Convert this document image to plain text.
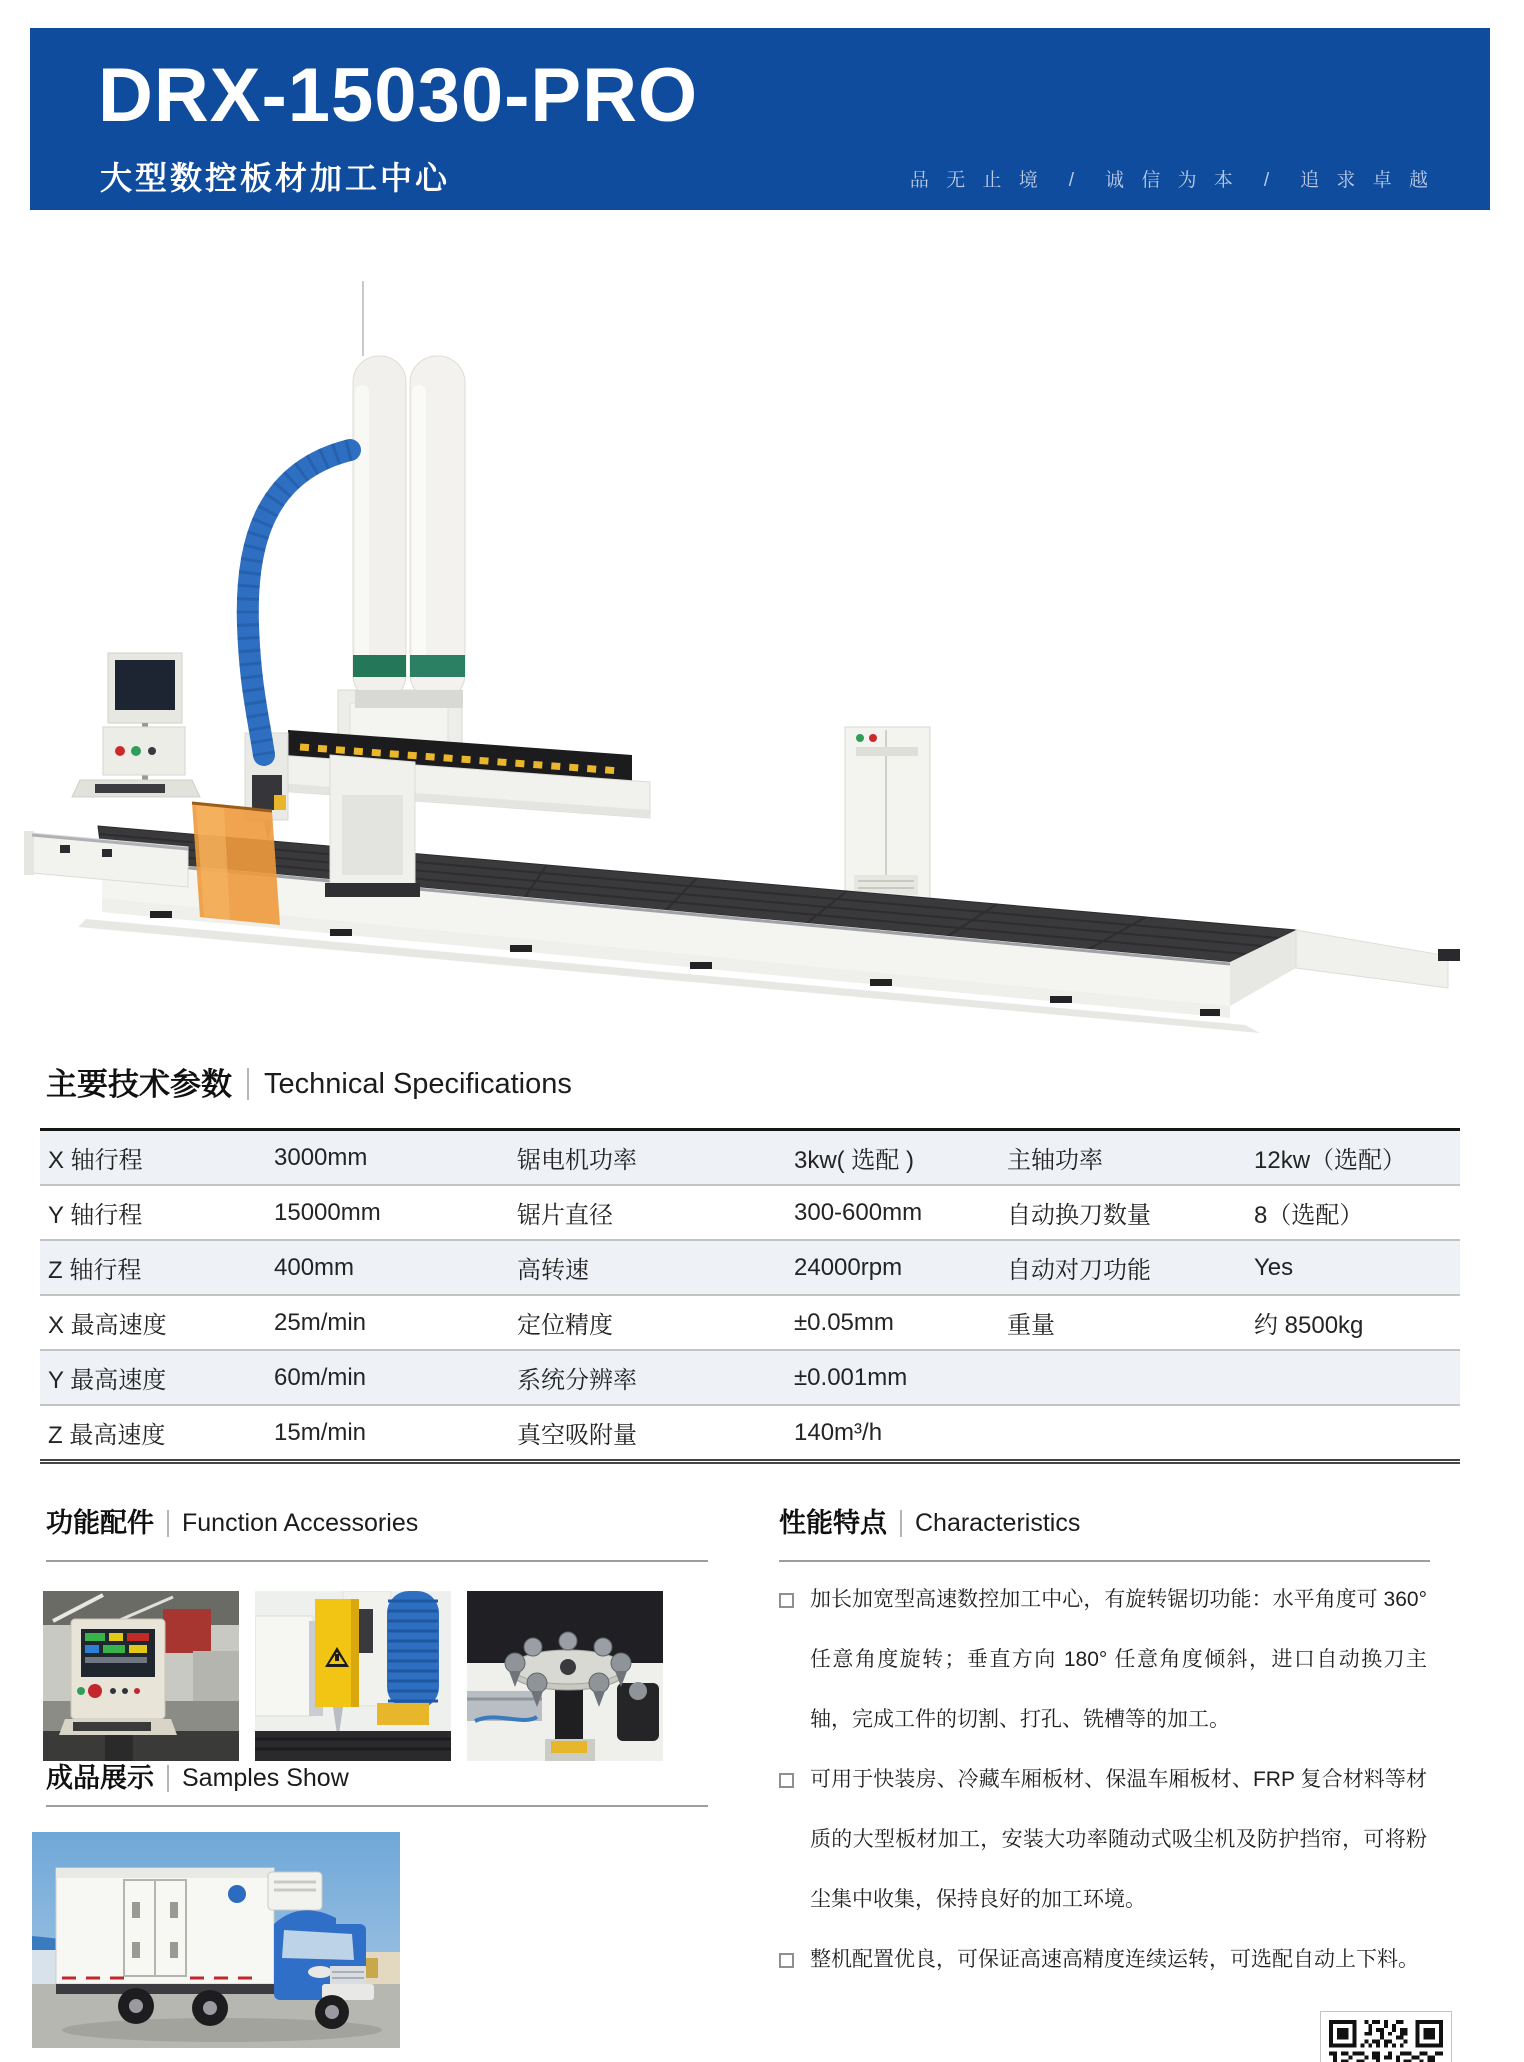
DRX-15030-PRO
大型数控板材加工中心	品 无 止 境　/　诚 信 为 本　/　追 求 卓 越
主要技术参数 Technical Specifications
X 轴行程	3000mm	锯电机功率	3kw( 选配 )	主轴功率	12kw（选配）
Y 轴行程	15000mm	锯片直径	300-600mm	自动换刀数量	8（选配）
Z 轴行程	400mm	高转速	24000rpm	自动对刀功能	Yes
X 最高速度	25m/min	定位精度	±0.05mm	重量	约 8500kg
Y 最高速度	60m/min	系统分辨率	±0.001mm
Z 最高速度	15m/min	真空吸附量	140m³/h
功能配件 Function Accessories
成品展示 Samples Show
性能特点 Characteristics

加长加宽型高速数控加工中心，有旋转锯切功能：水平角度可 360° 任意角度旋转；垂直方向 180° 任意角度倾斜，进口自动换刀主轴，完成工件的切割、打孔、铣槽等的加工。

可用于快装房、冷藏车厢板材、保温车厢板材、FRP 复合材料等材质的大型板材加工，安装大功率随动式吸尘机及防护挡帘，可将粉尘集中收集，保持良好的加工环境。

整机配置优良，可保证高速高精度连续运转，可选配自动上下料。
